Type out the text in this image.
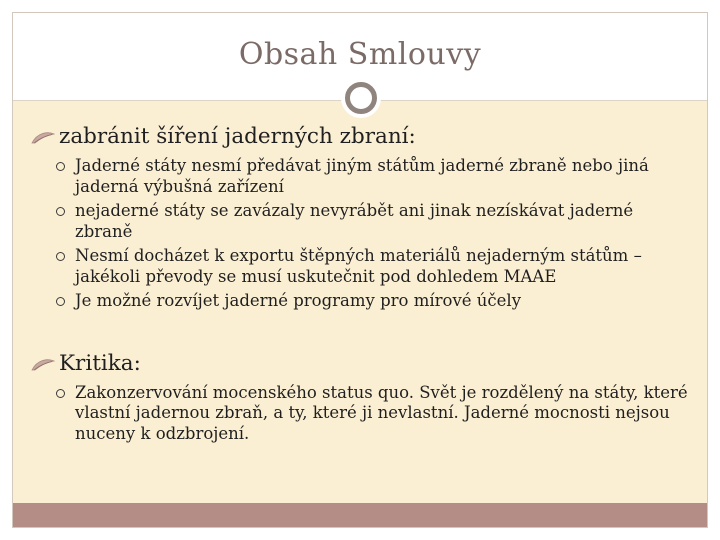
Obsah Smlouvy
zabránit šíření jaderných zbraní:
Jaderné státy nesmí předávat jiným státům jaderné zbraně nebo jiná jaderná výbušná zařízení
nejaderné státy se zavázaly nevyrábět ani jinak nezískávat jaderné zbraně
Nesmí docházet k exportu štěpných materiálů nejaderným státům – jakékoli převody se musí uskutečnit pod dohledem MAAE
Je možné rozvíjet jaderné programy pro mírové účely
Kritika:
Zakonzervování mocenského status quo. Svět je rozdělený na státy, které vlastní jadernou zbraň, a ty, které ji nevlastní. Jaderné mocnosti nejsou nuceny k odzbrojení.
